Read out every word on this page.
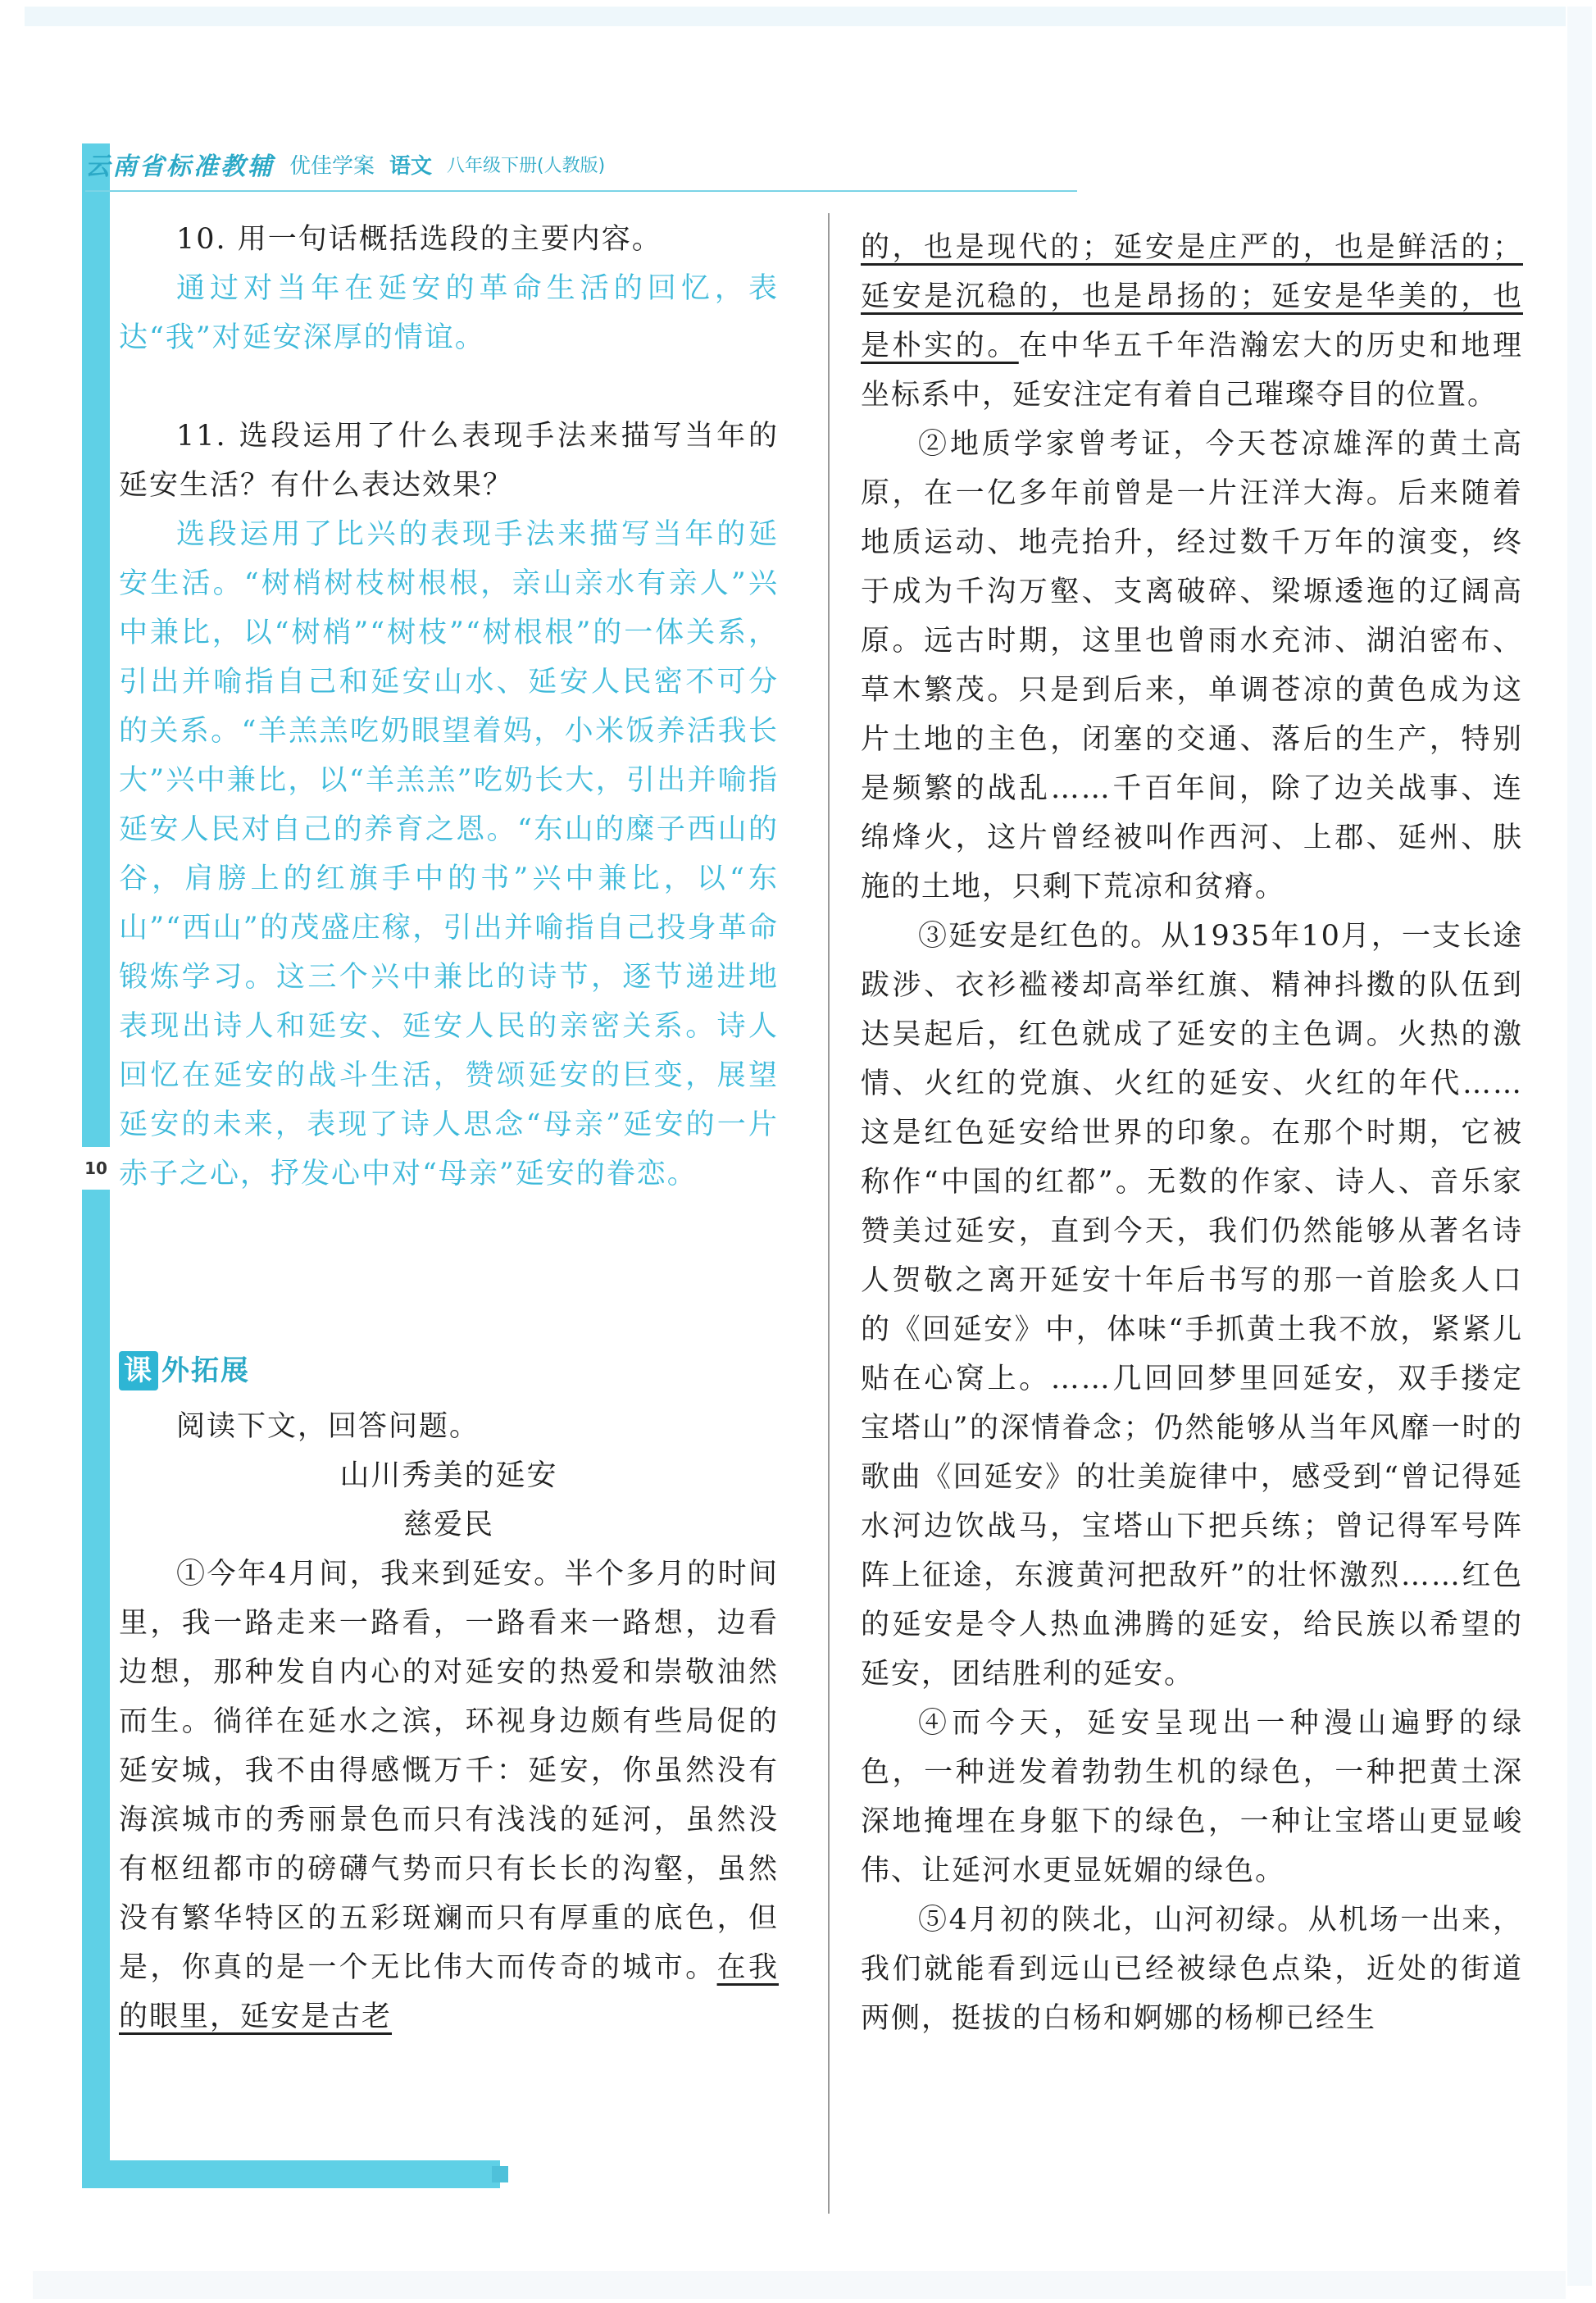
10
云南省标准教辅 优佳学案 语文 八年级下册(人教版)

10. 用一句话概括选段的主要内容。

通过对当年在延安的革命生活的回忆，表达“我”对延安深厚的情谊。

11. 选段运用了什么表现手法来描写当年的延安生活？有什么表达效果？

选段运用了比兴的表现手法来描写当年的延安生活。“树梢树枝树根根，亲山亲水有亲人”兴中兼比，以“树梢”“树枝”“树根根”的一体关系，引出并喻指自己和延安山水、延安人民密不可分的关系。“羊羔羔吃奶眼望着妈，小米饭养活我长大”兴中兼比，以“羊羔羔”吃奶长大，引出并喻指延安人民对自己的养育之恩。“东山的糜子西山的谷，肩膀上的红旗手中的书”兴中兼比，以“东山”“西山”的茂盛庄稼，引出并喻指自己投身革命锻炼学习。这三个兴中兼比的诗节，逐节递进地表现出诗人和延安、延安人民的亲密关系。诗人回忆在延安的战斗生活，赞颂延安的巨变，展望延安的未来，表现了诗人思念“母亲”延安的一片赤子之心，抒发心中对“母亲”延安的眷恋。

课 外拓展

阅读下文，回答问题。

山川秀美的延安

慈爱民

①今年4月间，我来到延安。半个多月的时间里，我一路走来一路看，一路看来一路想，边看边想，那种发自内心的对延安的热爱和崇敬油然而生。徜徉在延水之滨，环视身边颇有些局促的延安城，我不由得感慨万千：延安，你虽然没有海滨城市的秀丽景色而只有浅浅的延河，虽然没有枢纽都市的磅礴气势而只有长长的沟壑，虽然没有繁华特区的五彩斑斓而只有厚重的底色，但是，你真的是一个无比伟大而传奇的城市。在我的眼里，延安是古老

的，也是现代的；延安是庄严的，也是鲜活的；延安是沉稳的，也是昂扬的；延安是华美的，也是朴实的。在中华五千年浩瀚宏大的历史和地理坐标系中，延安注定有着自己璀璨夺目的位置。

②地质学家曾考证，今天苍凉雄浑的黄土高原，在一亿多年前曾是一片汪洋大海。后来随着地质运动、地壳抬升，经过数千万年的演变，终于成为千沟万壑、支离破碎、梁塬逶迤的辽阔高原。远古时期，这里也曾雨水充沛、湖泊密布、草木繁茂。只是到后来，单调苍凉的黄色成为这片土地的主色，闭塞的交通、落后的生产，特别是频繁的战乱……千百年间，除了边关战事、连绵烽火，这片曾经被叫作西河、上郡、延州、肤施的土地，只剩下荒凉和贫瘠。

③延安是红色的。从1935年10月，一支长途跋涉、衣衫褴褛却高举红旗、精神抖擞的队伍到达吴起后，红色就成了延安的主色调。火热的激情、火红的党旗、火红的延安、火红的年代……这是红色延安给世界的印象。在那个时期，它被称作“中国的红都”。无数的作家、诗人、音乐家赞美过延安，直到今天，我们仍然能够从著名诗人贺敬之离开延安十年后书写的那一首脍炙人口的《回延安》中，体味“手抓黄土我不放，紧紧儿贴在心窝上。……几回回梦里回延安，双手搂定宝塔山”的深情眷念；仍然能够从当年风靡一时的歌曲《回延安》的壮美旋律中，感受到“曾记得延水河边饮战马，宝塔山下把兵练；曾记得军号阵阵上征途，东渡黄河把敌歼”的壮怀激烈……红色的延安是令人热血沸腾的延安，给民族以希望的延安，团结胜利的延安。

④而今天，延安呈现出一种漫山遍野的绿色，一种迸发着勃勃生机的绿色，一种把黄土深深地掩埋在身躯下的绿色，一种让宝塔山更显峻伟、让延河水更显妩媚的绿色。

⑤4月初的陕北，山河初绿。从机场一出来，我们就能看到远山已经被绿色点染，近处的街道两侧，挺拔的白杨和婀娜的杨柳已经生
